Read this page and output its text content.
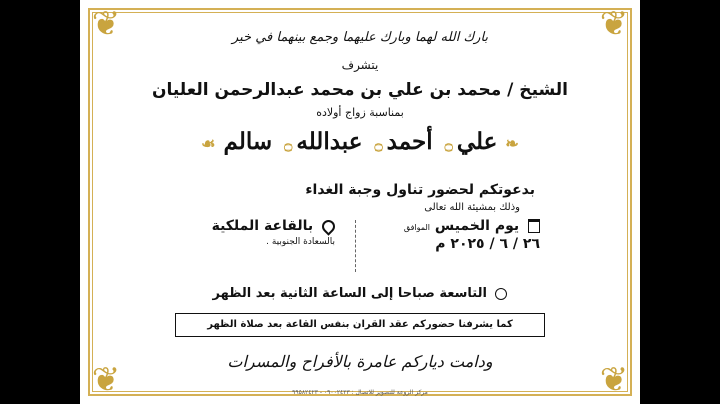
❦	❦
❦	❦
بارك الله لهما وبارك عليهما وجمع بينهما في خير
يتشرف
الشيخ / محمد بن علي بن محمد عبدالرحمن العليان
بمناسبة زواج أولاده
❧ علي۝ أحمد۝ عبدالله۝ سالم ☙
بدعوتكم لحضور تناول وجبة الغداء
وذلك بمشيئة الله تعالى
يوم الخميس الموافق
٢٦ / ٦ / ٢٠٢٥ م
بالقاعة الملكية
بالسعادة الجنوبية .
التاسعة صباحا إلى الساعة الثانية بعد الظهر
كما يشرفنا حضوركم عقد القران بنفس القاعة بعد صلاة الظهر
ودامت دياركم عامرة بالأفراح والمسرات
مركز الروعة للتصوير للاتصال : ٠٩٠٠٢٤٢٣ - ٩٩٥٨٢٤٢٣
